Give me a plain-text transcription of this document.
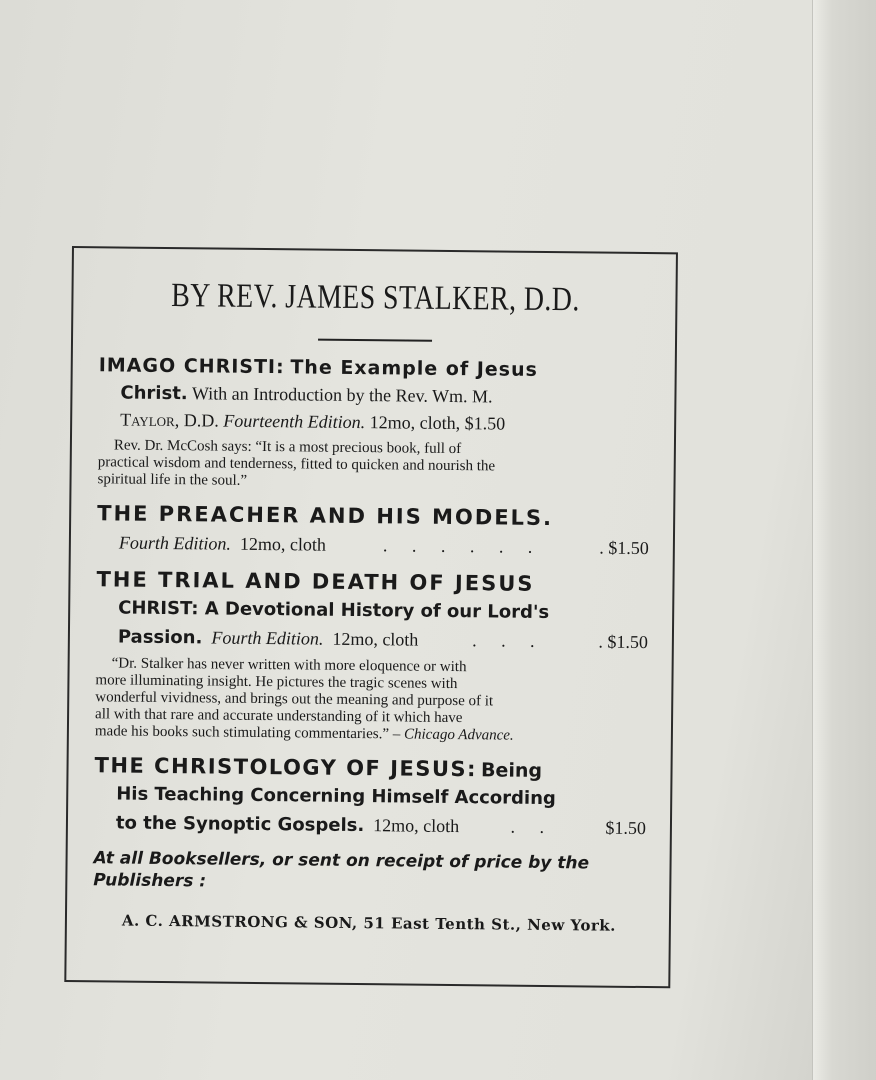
BY REV. JAMES STALKER, D.D.
IMAGO CHRISTI: The Example of Jesus
Christ. With an Introduction by the Rev. Wm. M.
Taylor, D.D. Fourteenth Edition. 12mo, cloth, $1.50
Rev. Dr. McCosh says: “It is a most precious book, full of
practical wisdom and tenderness, fitted to quicken and nourish the
spiritual life in the soul.”
THE PREACHER AND HIS MODELS.
Fourth Edition.
12mo, cloth	. . . . . .	. $1.50
THE TRIAL AND DEATH OF JESUS
CHRIST: A Devotional History of our Lord's
Passion.
Fourth Edition.
12mo, cloth	. . .	. $1.50
“Dr. Stalker has never written with more eloquence or with
more illuminating insight. He pictures the tragic scenes with
wonderful vividness, and brings out the meaning and purpose of it
all with that rare and accurate understanding of it which have
made his books such stimulating commentaries.” – Chicago Advance.
THE CHRISTOLOGY OF JESUS: Being
His Teaching Concerning Himself According
to the Synoptic Gospels.
12mo, cloth	. .	$1.50
At all Booksellers, or sent on receipt of price by the Publishers :
A. C. ARMSTRONG & SON, 51 East Tenth St., New York.
